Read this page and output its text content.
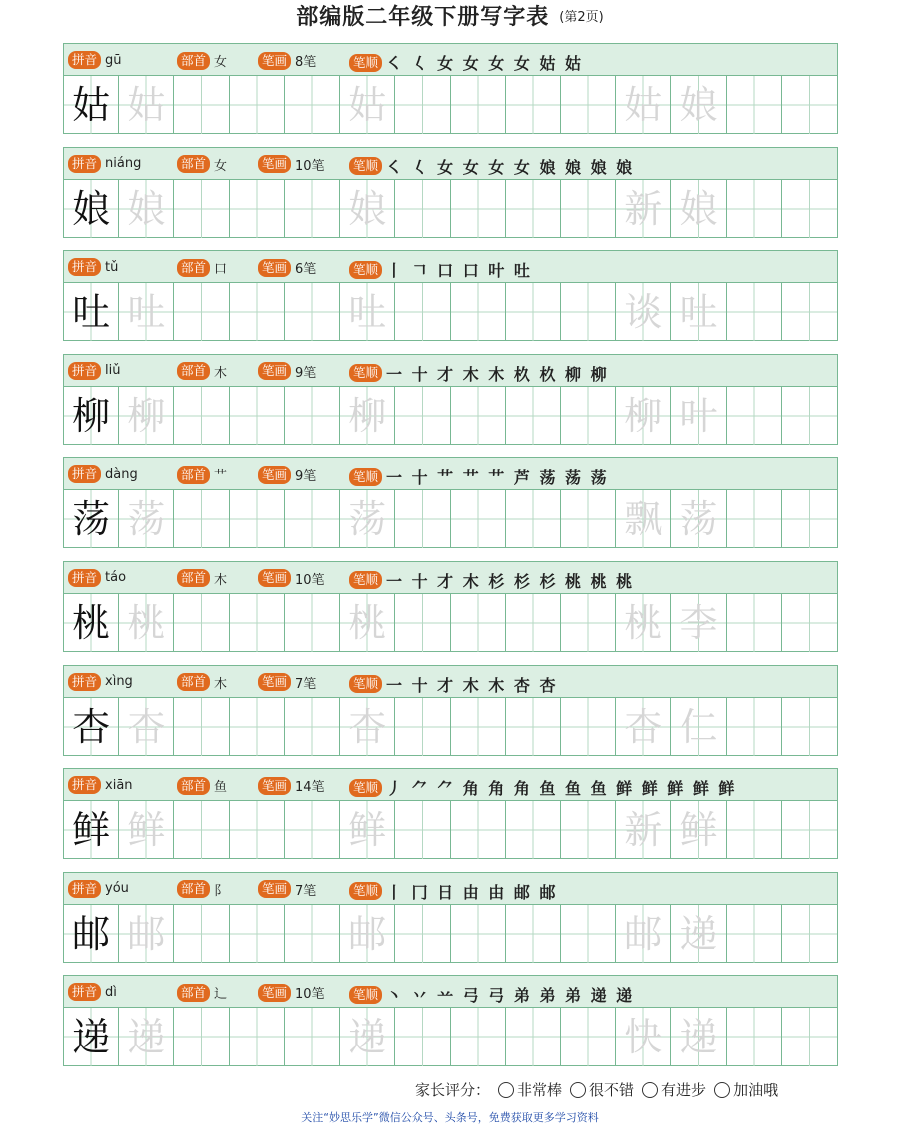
部编版二年级下册写字表 (第2页)
拼音 gū	部首 女	笔画 8笔	笔顺 ㇛ 𡿨 女 女 女 女 姑 姑
姑 姑	姑	姑 娘
拼音 niáng	部首 女	笔画 10笔	笔顺 ㇛ 𡿨 女 女 女 女 娘 娘 娘 娘
娘 娘	娘	新 娘
拼音 tǔ	部首 口	笔画 6笔	笔顺 丨 𠃍 口 口 叶 吐
吐 吐	吐	谈 吐
拼音 liǔ	部首 木	笔画 9笔	笔顺 一 十 才 木 木 杦 杦 柳 柳
柳 柳	柳	柳 叶
拼音 dàng	部首 艹	笔画 9笔	笔顺 一 十 艹 艹 艹 芦 荡 荡 荡
荡 荡	荡	飘 荡
拼音 táo	部首 木	笔画 10笔	笔顺 一 十 才 木 杉 杉 杉 桃 桃 桃
桃 桃	桃	桃 李
拼音 xìng	部首 木	笔画 7笔	笔顺 一 十 才 木 木 杏 杏
杏 杏	杏	杏 仁
拼音 xiān	部首 鱼	笔画 14笔	笔顺 丿 ⺈ ⺈ 角 角 角 鱼 鱼 鱼 鲜 鲜 鲜 鲜 鲜
鲜 鲜	鲜	新 鲜
拼音 yóu	部首 阝	笔画 7笔	笔顺 丨 冂 日 由 由 邮 邮
邮 邮	邮	邮 递
拼音 dì	部首 辶	笔画 10笔	笔顺 丶 丷 䒑 弓 弓 弟 弟 弟 递 递
递 递	递	快 递
家长评分： 非常棒 很不错 有进步 加油哦
关注“妙思乐学”微信公众号、头条号，免费获取更多学习资料
